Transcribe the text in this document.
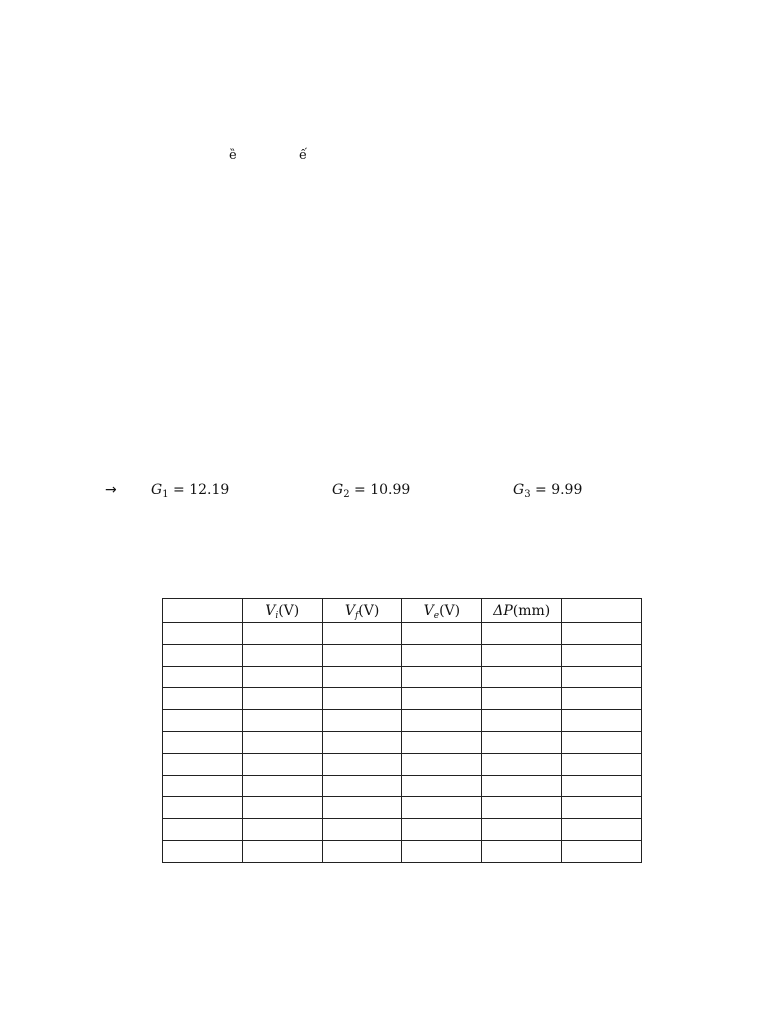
ȅ	ế
→ $G_1 = 12.19$	$G_2 = 10.99$	$G_3 = 9.99$
	$V_i(V)$	$V_f(V)$	$V_e(V)$	ΔP(mm)	
